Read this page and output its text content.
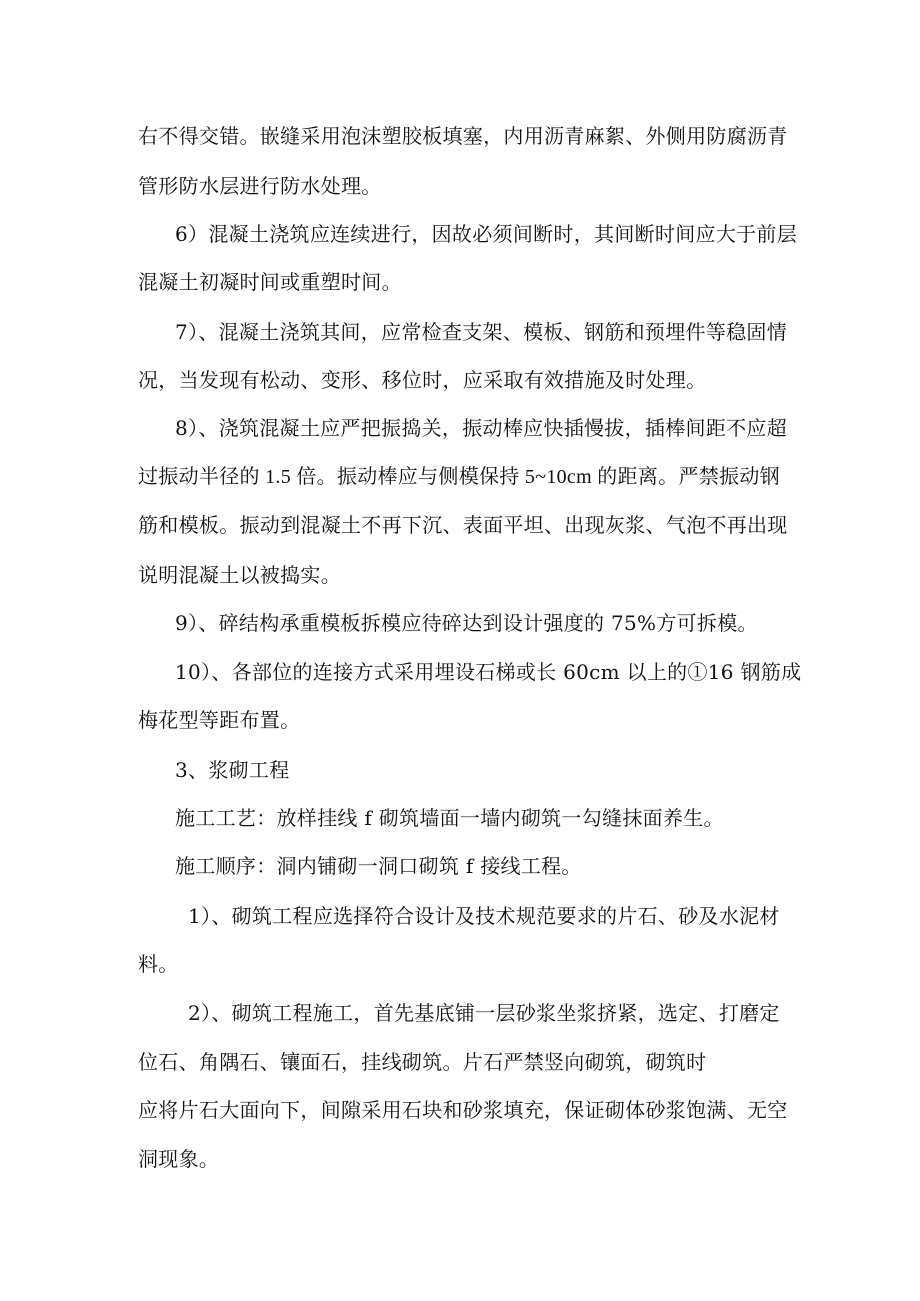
右不得交错。嵌缝采用泡沫塑胶板填塞，内用沥青麻絮、外侧用防腐沥青
管形防水层进行防水处理。
6）混凝土浇筑应连续进行，因故必须间断时，其间断时间应大于前层
混凝土初凝时间或重塑时间。
7）、混凝土浇筑其间，应常检查支架、模板、钢筋和预埋件等稳固情
况，当发现有松动、变形、移位时，应采取有效措施及时处理。
8）、浇筑混凝土应严把振捣关，振动棒应快插慢拔，插棒间距不应超
过振动半径的 1.5 倍。振动棒应与侧模保持 5~10cm 的距离。严禁振动钢
筋和模板。振动到混凝土不再下沉、表面平坦、出现灰浆、气泡不再出现
说明混凝土以被捣实。
9）、碎结构承重模板拆模应待碎达到设计强度的 75%方可拆模。
10）、各部位的连接方式采用埋设石梯或长 60cm 以上的①16 钢筋成
梅花型等距布置。
3、浆砌工程
施工工艺：放样挂线 f 砌筑墙面一墙内砌筑一勾缝抹面养生。
施工顺序：洞内铺砌一洞口砌筑 f 接线工程。
1）、砌筑工程应选择符合设计及技术规范要求的片石、砂及水泥材
料。
2）、砌筑工程施工，首先基底铺一层砂浆坐浆挤紧，选定、打磨定
位石、角隅石、镶面石，挂线砌筑。片石严禁竖向砌筑，砌筑时
应将片石大面向下，间隙采用石块和砂浆填充，保证砌体砂浆饱满、无空
洞现象。
